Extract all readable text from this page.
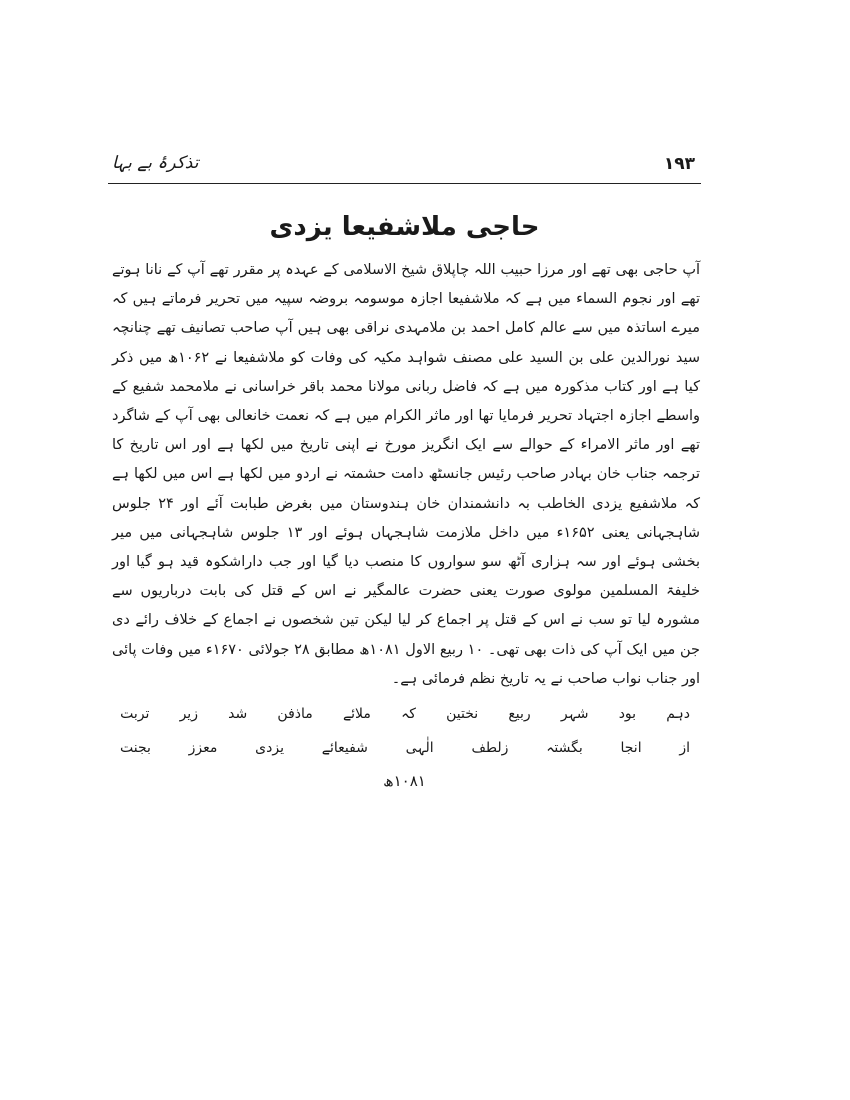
تذکرۂ بے بہا	۱۹۳
حاجی ملاشفیعا یزدی

آپ حاجی بھی تھے اور مرزا حبیب اللہ چاپلاق شیخ الاسلامی کے عہدہ پر مقرر تھے آپ کے نانا ہوتے تھے اور نجوم السماء میں ہے کہ ملاشفیعا اجازہ موسومہ بروضہ سپیہ میں تحریر فرماتے ہیں کہ میرے اساتذہ میں سے عالم کامل احمد بن ملامہدی نراقی بھی ہیں آپ صاحب تصانیف تھے چنانچہ سید نورالدین علی بن السید علی مصنف شواہد مکیہ کی وفات کو ملاشفیعا نے ۱۰۶۲ھ میں ذکر کیا ہے اور کتاب مذکورہ میں ہے کہ فاضل ربانی مولانا محمد باقر خراسانی نے ملامحمد شفیع کے واسطے اجازہ اجتہاد تحریر فرمایا تھا اور ماثر الکرام میں ہے کہ نعمت خانعالی بھی آپ کے شاگرد تھے اور ماثر الامراء کے حوالے سے ایک انگریز مورخ نے اپنی تاریخ میں لکھا ہے اور اس تاریخ کا ترجمہ جناب خان بہادر صاحب رئیس جانسٹھ دامت حشمتہ نے اردو میں لکھا ہے اس میں لکھا ہے کہ ملاشفیع یزدی الخاطب بہ دانشمندان خان ہندوستان میں بغرض طبابت آئے اور ۲۴ جلوس شاہجہانی یعنی ۱۶۵۲ء میں داخل ملازمت شاہجہاں ہوئے اور ۱۳ جلوس شاہجہانی میں میر بخشی ہوئے اور سہ ہزاری آٹھ سو سواروں کا منصب دیا گیا اور جب داراشکوہ قید ہو گیا اور خلیفۃ المسلمین مولوی صورت یعنی حضرت عالمگیر نے اس کے قتل کی بابت درباریوں سے مشورہ لیا تو سب نے اس کے قتل پر اجماع کر لیا لیکن تین شخصوں نے اجماع کے خلاف رائے دی جن میں ایک آپ کی ذات بھی تھی۔ ۱۰ ربیع الاول ۱۰۸۱ھ مطابق ۲۸ جولائی ۱۶۷۰ء میں وفات پائی اور جناب نواب صاحب نے یہ تاریخ نظم فرمائی ہے۔

دہم
بود
شہر
ربیع
نختین
کہ
ملائے
ماذفن
شد
زیر
تربت
از
انجا
بگشتہ
زلطف
الٰہی
شفیعائے
یزدی
معزز
بجنت
۱۰۸۱ھ
